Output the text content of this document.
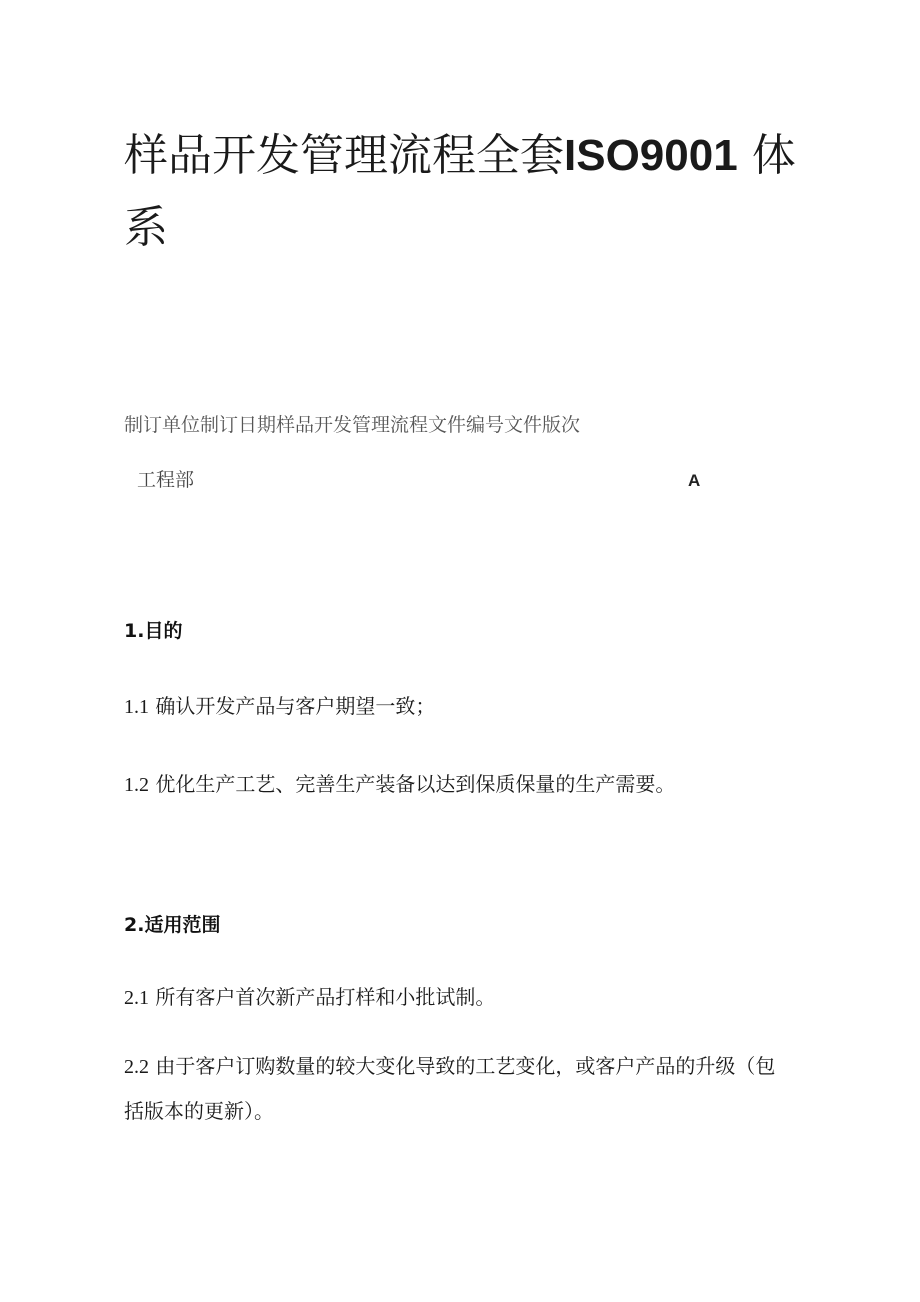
样品开发管理流程全套ISO9001 体系
制订单位制订日期样品开发管理流程文件编号文件版次
工程部	A
1.目的

1.1 确认开发产品与客户期望一致；

1.2 优化生产工艺、完善生产装备以达到保质保量的生产需要。

2.适用范围

2.1 所有客户首次新产品打样和小批试制。

2.2 由于客户订购数量的较大变化导致的工艺变化，或客户产品的升级（包括版本的更新）。
